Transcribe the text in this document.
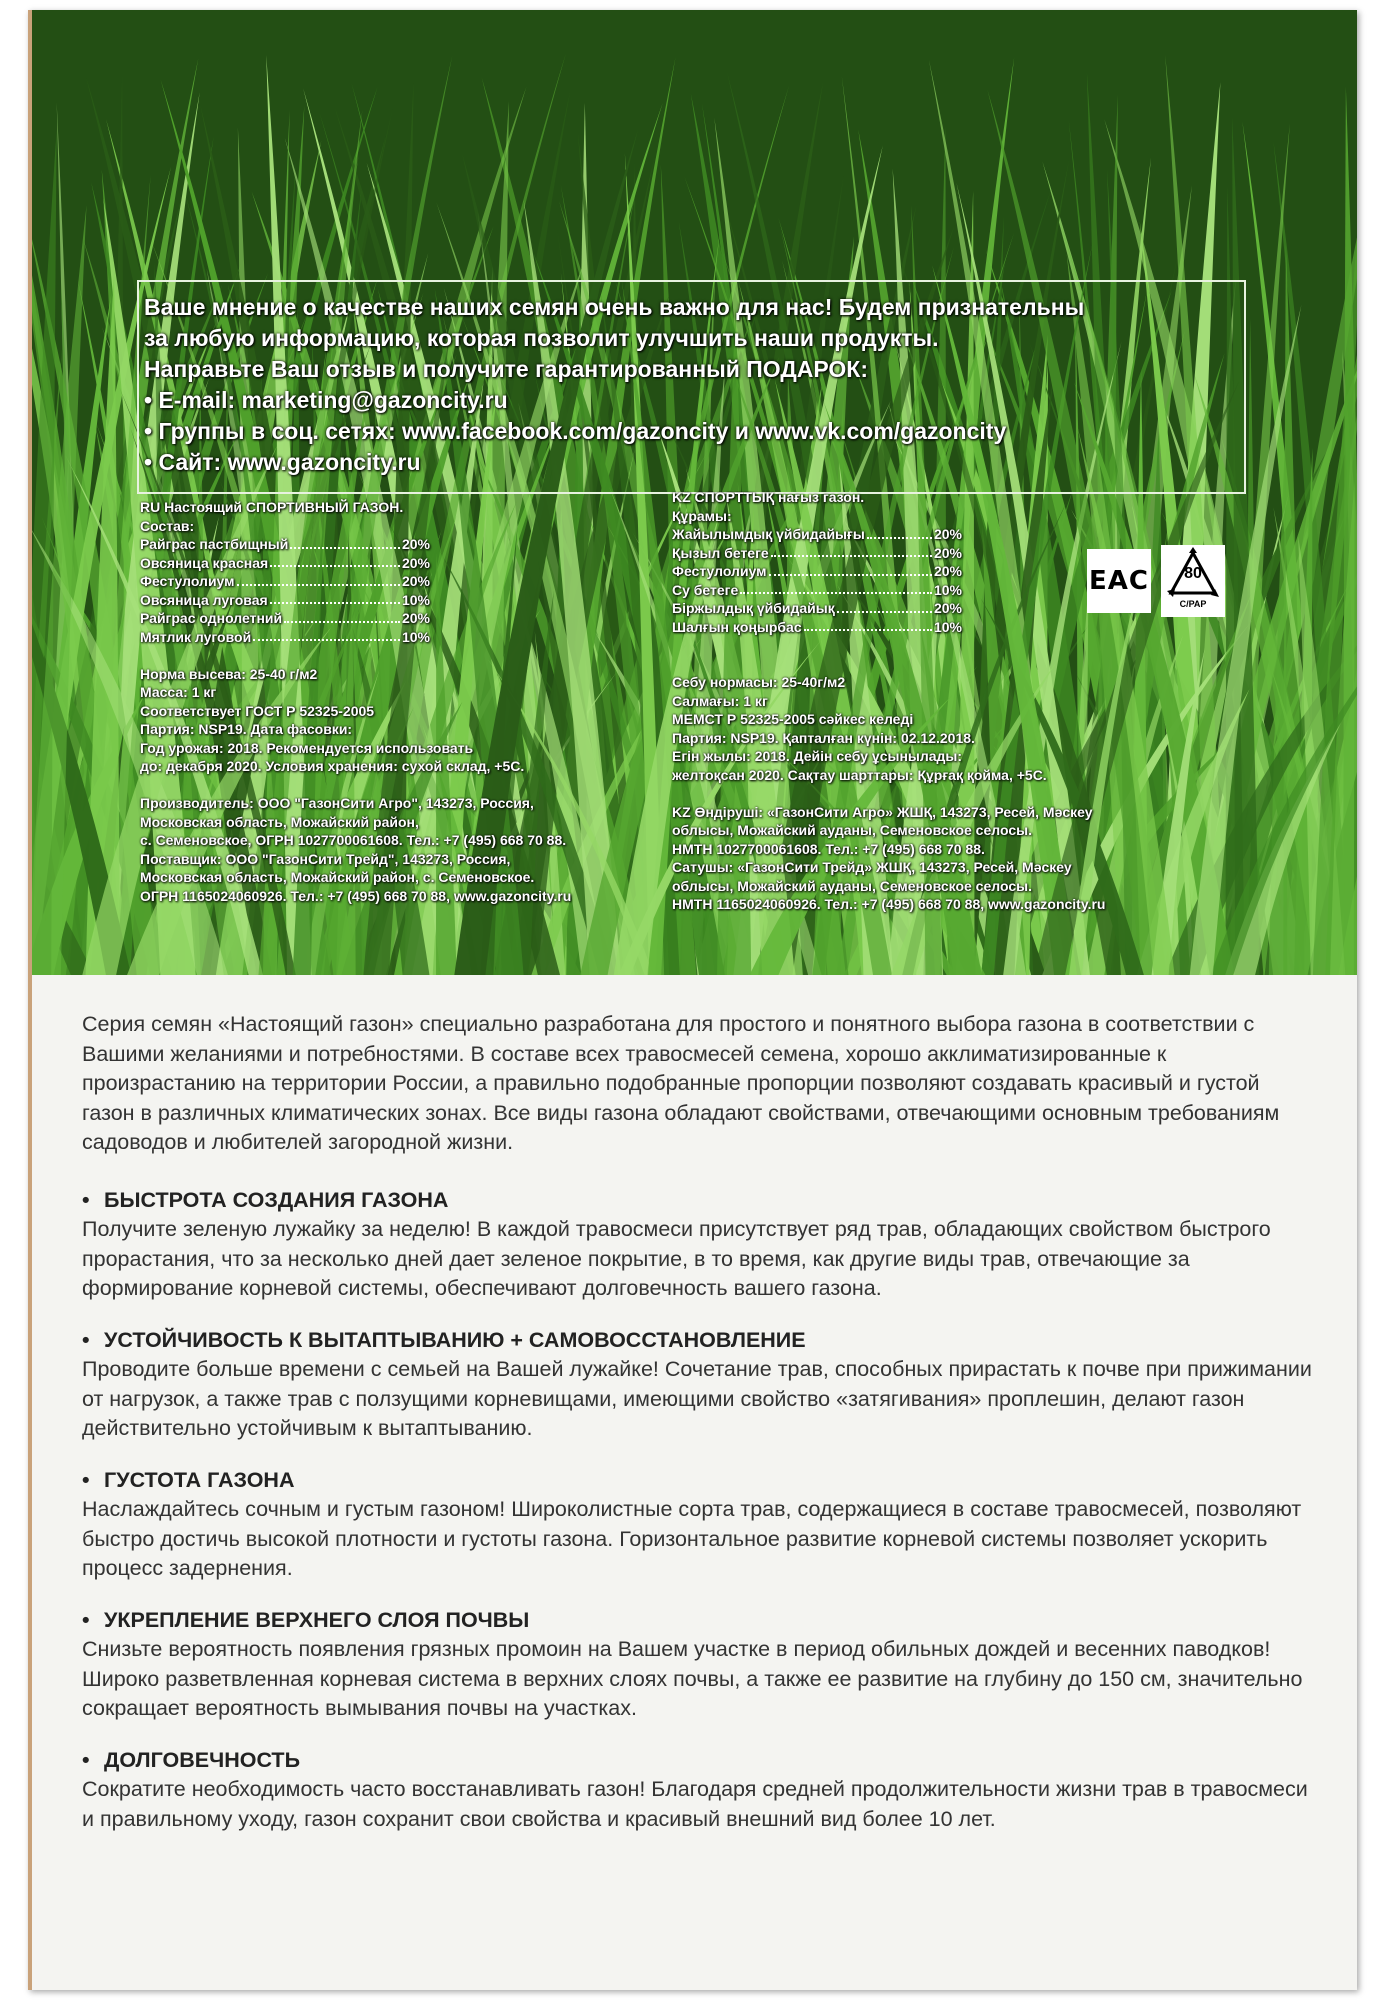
Ваше мнение о качестве наших семян очень важно для нас! Будем признательны
за любую информацию, которая позволит улучшить наши продукты.
Направьте Ваш отзыв и получите гарантированный ПОДАРОК:
• E-mail: marketing@gazoncity.ru
• Группы в соц. сетях: www.facebook.com/gazoncity и www.vk.com/gazoncity
• Сайт: www.gazoncity.ru
RU Настоящий СПОРТИВНЫЙ ГАЗОН.
Состав:
Райграс пастбищный	20%
Овсяница красная	20%
Фестулолиум	20%
Овсяница луговая	10%
Райграс однолетний	20%
Мятлик луговой	10%
Норма высева: 25-40 г/м2
Масса: 1 кг
Соответствует ГОСТ Р 52325-2005
Партия: NSP19. Дата фасовки:
Год урожая: 2018. Рекомендуется использовать
до: декабря 2020. Условия хранения: сухой склад, +5С.
Производитель: ООО "ГазонСити Агро", 143273, Россия,
Московская область, Можайский район,
с. Семеновское, ОГРН 1027700061608. Тел.: +7 (495) 668 70 88.
Поставщик: ООО "ГазонСити Трейд", 143273, Россия,
Московская область, Можайский район, с. Семеновское.
ОГРН 1165024060926. Тел.: +7 (495) 668 70 88, www.gazoncity.ru
KZ СПОРТТЫҚ нағыз газон.
Құрамы:
Жайылымдық үйбидайығы	20%
Қызыл бетеге	20%
Фестулолиум	20%
Су бетеге	10%
Біржылдық үйбидайық	20%
Шалғын қоңырбас	10%
Себу нормасы: 25-40г/м2
Салмағы: 1 кг
МЕМСТ Р 52325-2005 сәйкес келеді
Партия: NSP19. Қапталған күнін: 02.12.2018.
Егін жылы: 2018. Дейін себу ұсынылады:
желтоқсан 2020. Сақтау шарттары: Құрғақ қойма, +5С.
KZ Өндіруші: «ГазонСити Агро» ЖШҚ, 143273, Ресей, Мәскеу
облысы, Можайский ауданы, Семеновское селосы.
НМТН 1027700061608. Тел.: +7 (495) 668 70 88.
Сатушы: «ГазонСити Трейд» ЖШҚ, 143273, Ресей, Мәскеу
облысы, Можайский ауданы, Семеновское селосы.
НМТН 1165024060926. Тел.: +7 (495) 668 70 88, www.gazoncity.ru
EAC	80
C/PAP

Серия семян «Настоящий газон» специально разработана для простого и понятного выбора газона в соответствии с Вашими желаниями и потребностями. В составе всех травосмесей семена, хорошо акклиматизированные к произрастанию на территории России, а правильно подобранные пропорции позволяют создавать красивый и густой газон в различных климатических зонах. Все виды газона обладают свойствами, отвечающими основным требованиям садоводов и любителей загородной жизни.

• БЫСТРОТА СОЗДАНИЯ ГАЗОНА

Получите зеленую лужайку за неделю! В каждой травосмеси присутствует ряд трав, обладающих свойством быстрого прорастания, что за несколько дней дает зеленое покрытие, в то время, как другие виды трав, отвечающие за формирование корневой системы, обеспечивают долговечность вашего газона.

• УСТОЙЧИВОСТЬ К ВЫТАПТЫВАНИЮ + САМОВОССТАНОВЛЕНИЕ

Проводите больше времени с семьей на Вашей лужайке! Сочетание трав, способных прирастать к почве при прижимании от нагрузок, а также трав с ползущими корневищами, имеющими свойство «затягивания» проплешин, делают газон действительно устойчивым к вытаптыванию.

• ГУСТОТА ГАЗОНА

Наслаждайтесь сочным и густым газоном! Широколистные сорта трав, содержащиеся в составе травосмесей, позволяют быстро достичь высокой плотности и густоты газона. Горизонтальное развитие корневой системы позволяет ускорить процесс задернения.

• УКРЕПЛЕНИЕ ВЕРХНЕГО СЛОЯ ПОЧВЫ

Снизьте вероятность появления грязных промоин на Вашем участке в период обильных дождей и весенних паводков! Широко разветвленная корневая система в верхних слоях почвы, а также ее развитие на глубину до 150 см, значительно сокращает вероятность вымывания почвы на участках.

• ДОЛГОВЕЧНОСТЬ

Сократите необходимость часто восстанавливать газон! Благодаря средней продолжительности жизни трав в травосмеси и правильному уходу, газон сохранит свои свойства и красивый внешний вид более 10 лет.
